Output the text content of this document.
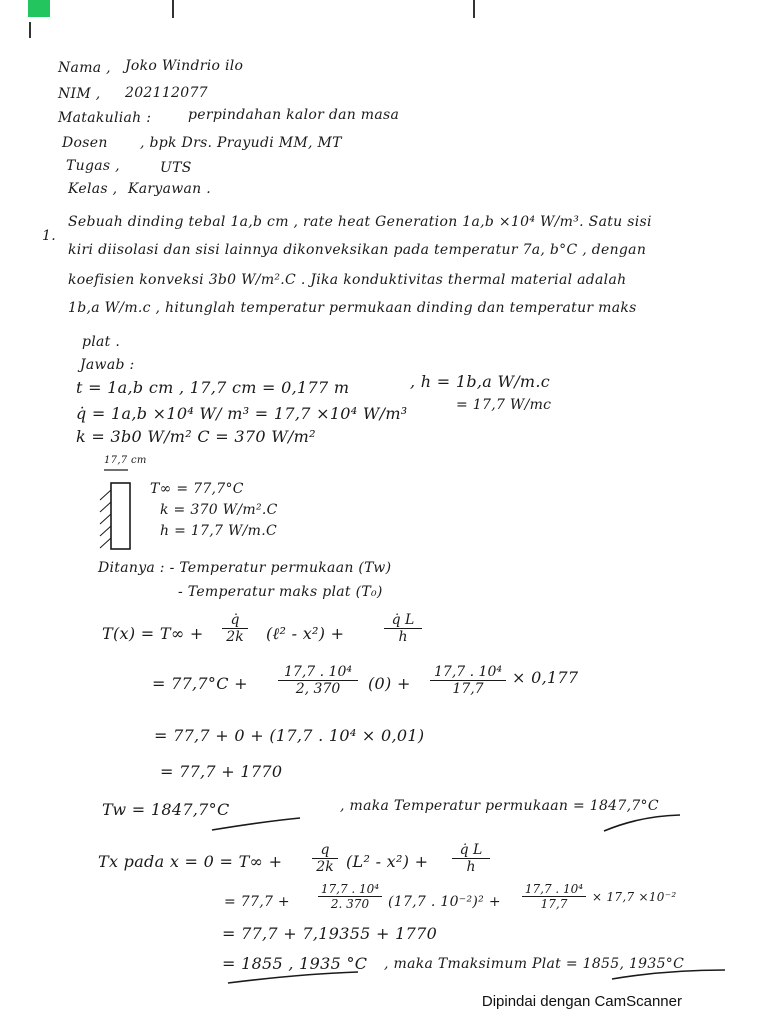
Nama , Joko Windrio ilo
NIM , 202112077
Matakuliah :	perpindahan kalor dan masa
Dosen , bpk Drs. Prayudi MM, MT
Tugas ,	UTS
Kelas , Karyawan .
1.
Sebuah dinding tebal 1a,b cm , rate heat Generation 1a,b ×10⁴ W/m³. Satu sisi
kiri diisolasi dan sisi lainnya dikonveksikan pada temperatur 7a, b°C , dengan
koefisien konveksi 3b0 W/m².C . Jika konduktivitas thermal material adalah
1b,a W/m.c , hitunglah temperatur permukaan dinding dan temperatur maks
plat .
Jawab :
t = 1a,b cm , 17,7 cm = 0,177 m	, h = 1b,a W/m.c
= 17,7 W/mc
q̇ = 1a,b ×10⁴ W/ m³ = 17,7 ×10⁴ W/m³
k = 3b0 W/m² C = 370 W/m²
17,7 cm
T∞ = 77,7°C
k = 370 W/m².C
h = 17,7 W/m.C
Ditanya : - Temperatur permukaan (Tw)
- Temperatur maks plat (T₀)
$T(x) = T\infty + \frac{q̇}{2k}$ (ℓ² - x²) +	$\frac{q̇ L}{h}$
= $77,7^\circ C + \frac{\text{17,7 . 10⁴}}{2, 370} (0) + \frac{\text{17,7 . 10⁴}}{17,7} \times 0,177$
= 77,7 + 0 + (17,7 . 10⁴ × 0,01)
= 77,7 + 1770
Tw = 1847,7°C	, maka Temperatur permukaan = 1847,7°C
Tx pada $x = 0 = T\infty + \frac{q}{2k} (L^2 - x^2) + \frac{q̇ L}{h}$
= $77,7 + \frac{\text{17,7 . 10⁴}}{2. 370} (17,7$ . $10^{-2})^2 + \frac{\text{17,7 . 10⁴}}{17,7} \times 17,7 \times 10^{-2}$
= 77,7 + 7,19355 + 1770
= 1855 , 1935 °C , maka Tmaksimum Plat = 1855, 1935°C
Dipindai dengan CamScanner
